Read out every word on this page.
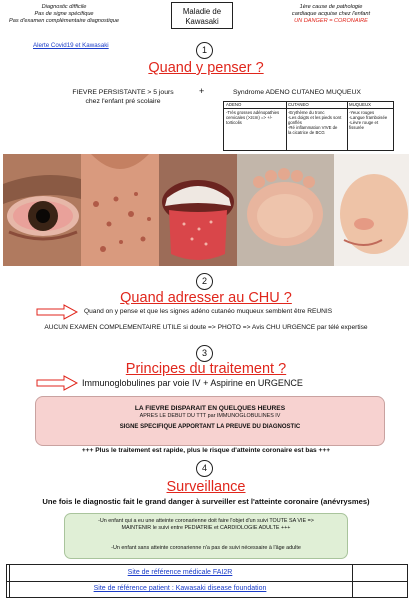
Diagnostic difficile
Pas de signe spécifique
Pas d'examen complémentaire diagnostique
Maladie de
Kawasaki
1ère cause de pathologie
cardiaque acquise chez l'enfant
UN DANGER = CORONAIRE
Alerte Covid19 et Kawasaki	1
Quand y penser ?
FIEVRE PERSISTANTE > 5 jours
chez l'enfant pré scolaire
+	Syndrome ADENO CUTANEO MUQUEUX
ADENO
-Très grosses adénopathies
cervicales (>2cm) => +/-
torticolis
CUTANEO
-Erythème du tronc
-Les doigts et les pieds sont
gonflés
-Ré inflammation VIVE de
la cicatrice de BCG
MUQUEUX
-Yeux rouges
-Langue framboisée
-Lèvre rouge et fissurée
2
Quand adresser au CHU ?
Quand on y pense et que les signes adéno cutanéo muqueux semblent être REUNIS
AUCUN EXAMEN COMPLEMENTAIRE UTILE si doute => PHOTO => Avis CHU URGENCE par télé expertise
3
Principes du traitement ?
Immunoglobulines par voie IV + Aspirine en URGENCE
LA FIEVRE DISPARAIT EN QUELQUES HEURES
APRES LE DEBUT DU TTT par IMMUNOGLOBULINES IV
SIGNE SPECIFIQUE APPORTANT LA PREUVE DU DIAGNOSTIC
+++ Plus le traitement est rapide, plus le risque d'atteinte coronaire est bas +++
4
Surveillance
Une fois le diagnostic fait le grand danger à surveiller est l'atteinte coronaire (anévrysmes)
-Un enfant qui a eu une atteinte coronarienne doit faire l'objet d'un suivi TOUTE SA VIE =>
MAINTENIR le suivi entre PEDIATRIE et CARDIOLOGIE ADULTE +++
-Un enfant sans atteinte coronarienne n'a pas de suivi nécessaire à l'âge adulte
Site de référence médicale FAI2R
Site de référence patient : Kawasaki disease foundation
